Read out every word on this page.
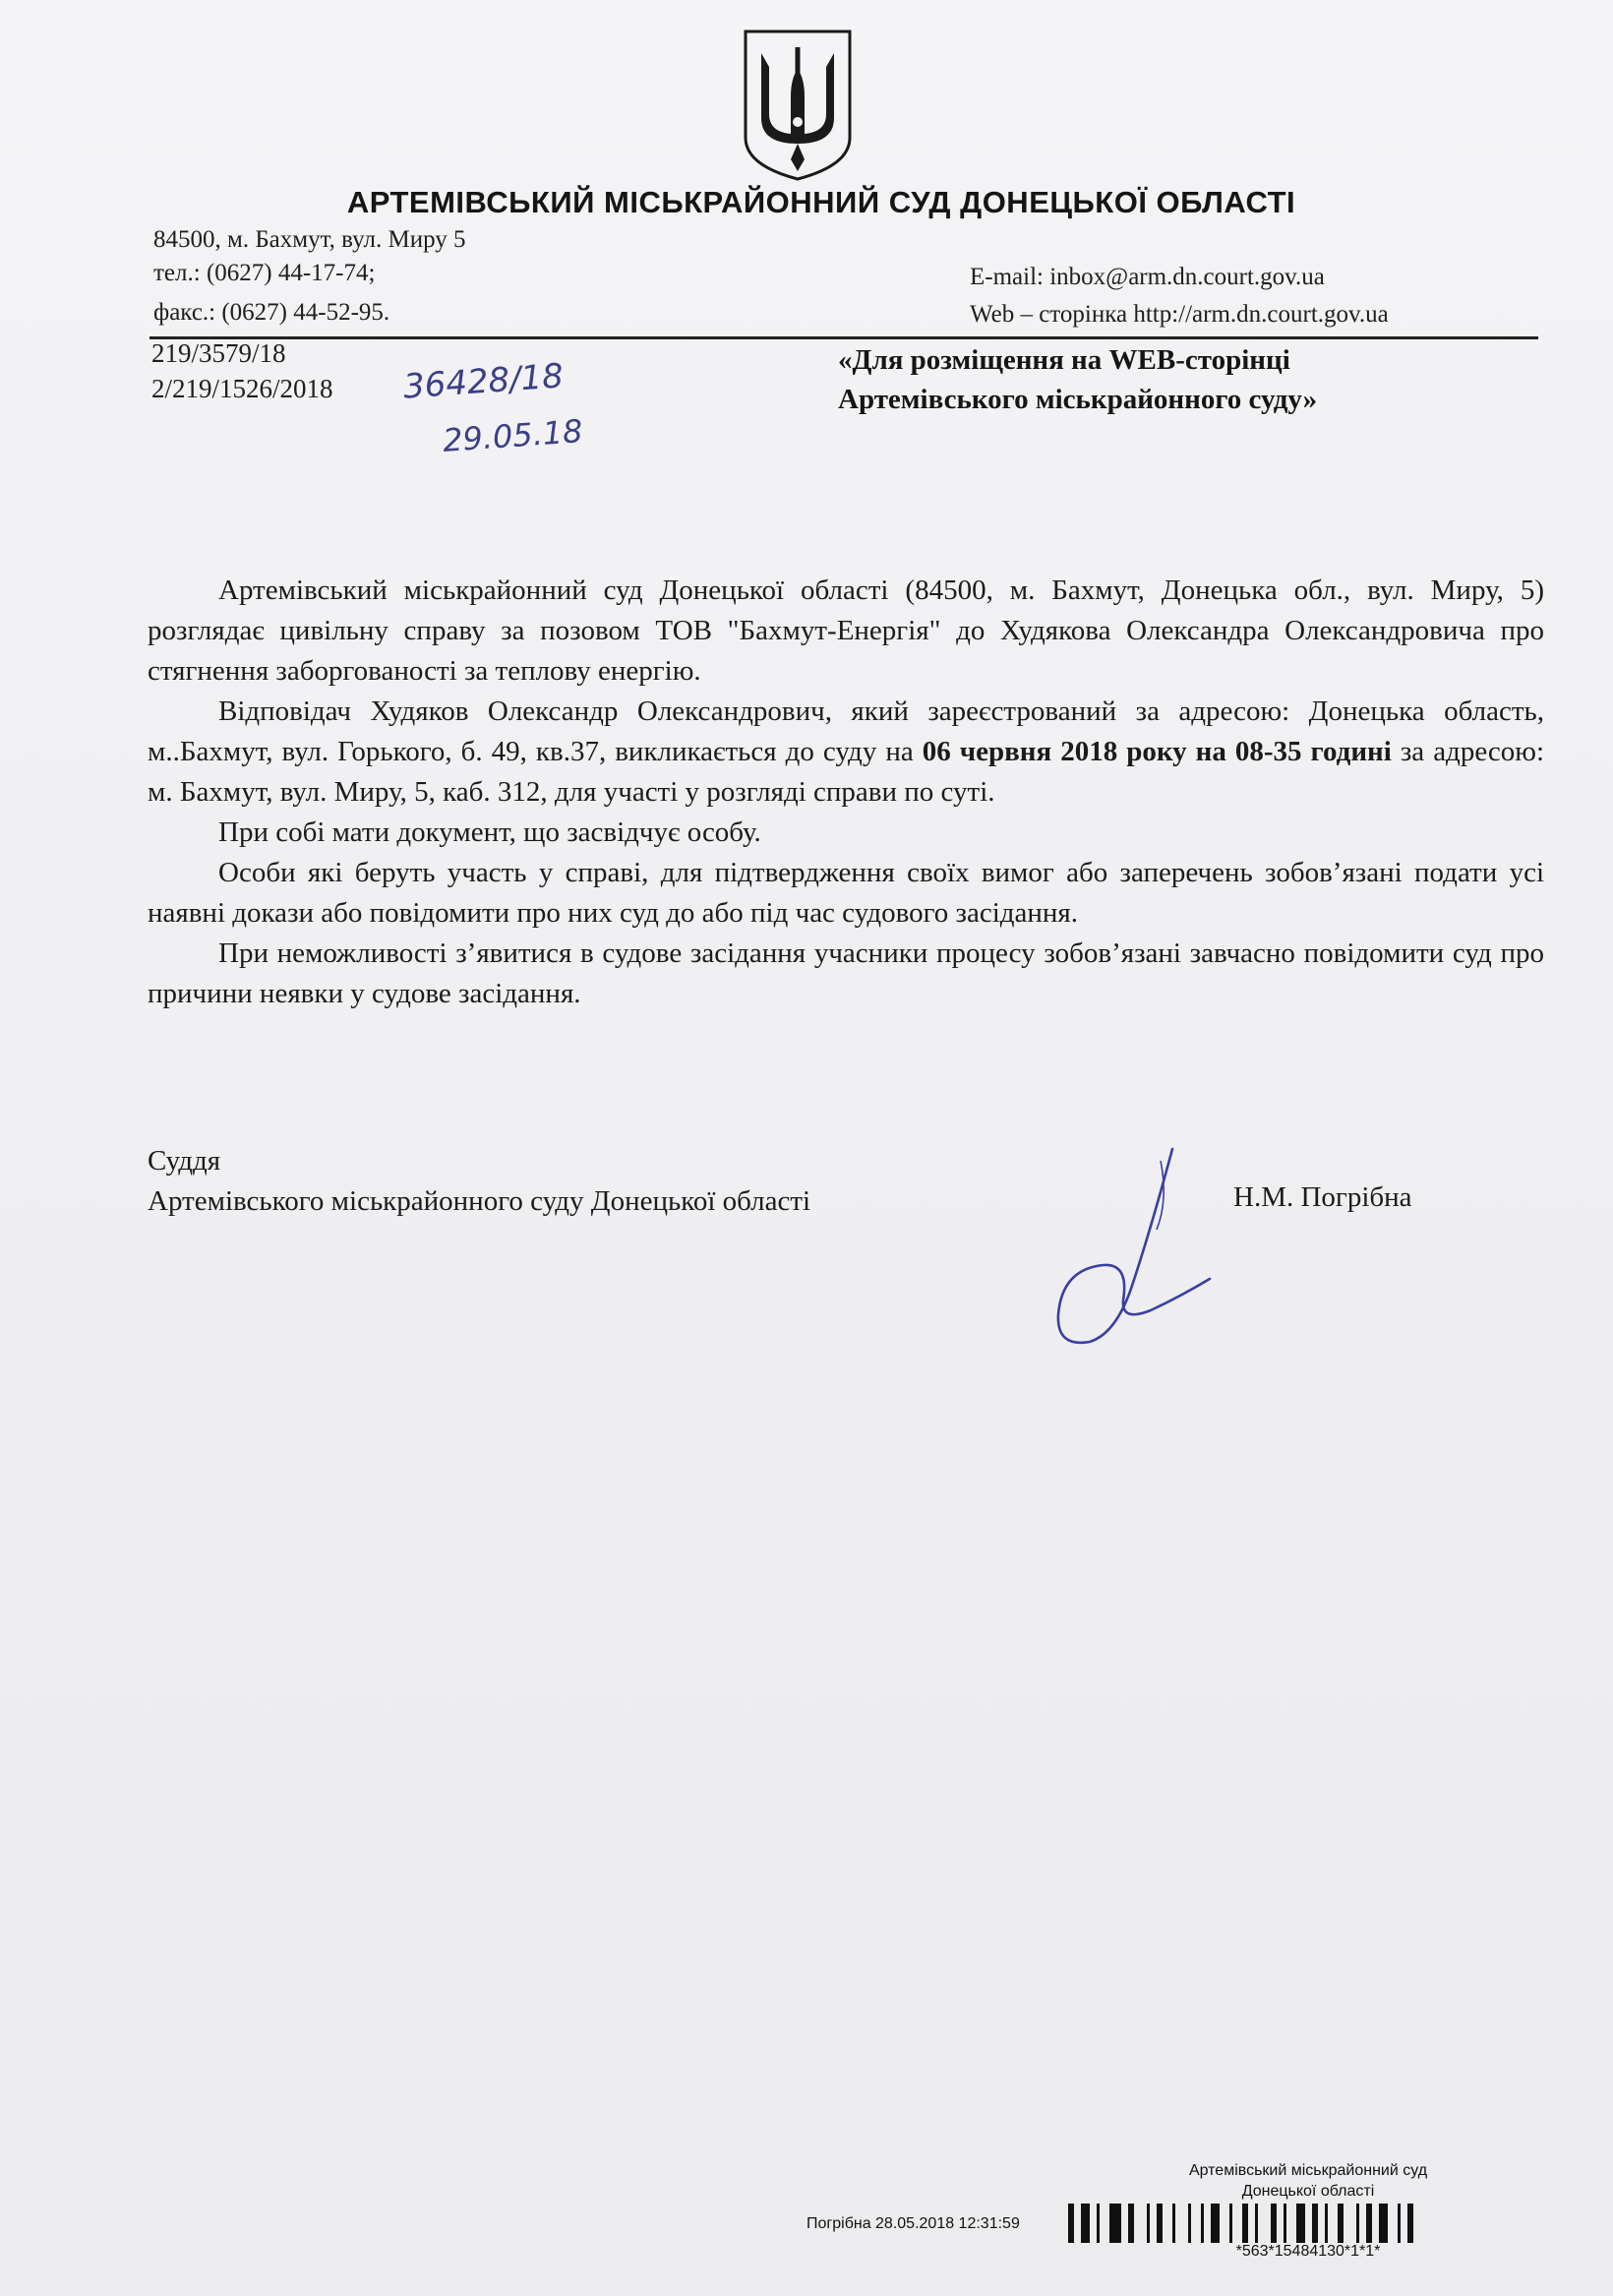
АРТЕМІВСЬКИЙ МІСЬКРАЙОННИЙ СУД ДОНЕЦЬКОЇ ОБЛАСТІ
84500, м. Бахмут, вул. Миру 5
тел.: (0627) 44-17-74;
факс.: (0627) 44-52-95.
E-mail: inbox@arm.dn.court.gov.ua
Web – сторінка http://arm.dn.court.gov.ua
219/3579/18
2/219/1526/2018 36428/18
29.05.18
«Для розміщення на WEB-сторінці
Артемівського міськрайонного суду»

Артемівський міськрайонний суд Донецької області (84500, м. Бахмут, Донецька обл., вул. Миру, 5) розглядає цивільну справу за позовом ТОВ "Бахмут-Енергія" до Худякова Олександра Олександровича про стягнення заборгованості за теплову енергію.

Відповідач Худяков Олександр Олександрович, який зареєстрований за адресою: Донецька область, м..Бахмут, вул. Горького, б. 49, кв.37, викликається до суду на 06 червня 2018 року на 08-35 годині за адресою: м. Бахмут, вул. Миру, 5, каб. 312, для участі у розгляді справи по суті.

При собі мати документ, що засвідчує особу.

Особи які беруть участь у справі, для підтвердження своїх вимог або заперечень зобов’язані подати усі наявні докази або повідомити про них суд до або під час судового засідання.

При неможливості з’явитися в судове засідання учасники процесу зобов’язані завчасно повідомити суд про причини неявки у судове засідання.

Суддя
Артемівського міськрайонного суду Донецької області	Н.М. Погрібна
Артемівський міськрайонний суд
Донецької області
Погрібна 28.05.2018 12:31:59
*563*15484130*1*1*
